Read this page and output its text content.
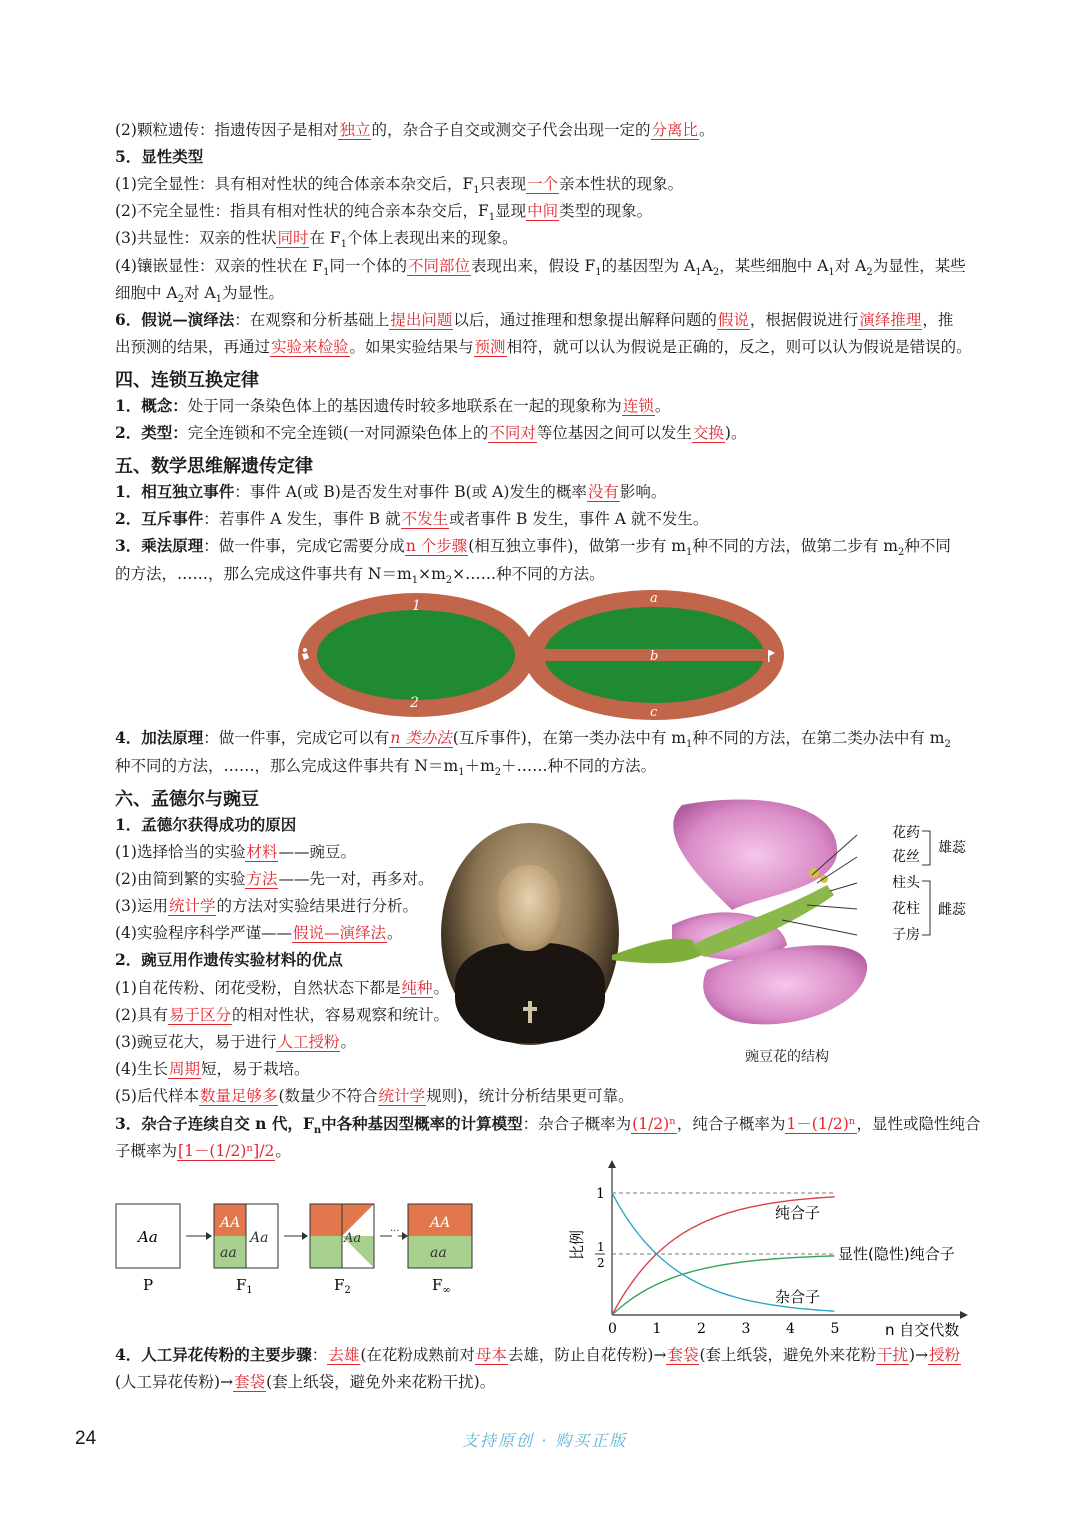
(2)颗粒遗传：指遗传因子是相对独立的，杂合子自交或测交子代会出现一定的分离比。
5．显性类型
(1)完全显性：具有相对性状的纯合体亲本杂交后，$F_1$只表现一个亲本性状的现象。
(2)不完全显性：指具有相对性状的纯合亲本杂交后，$F_1$显现中间类型的现象。
(3)共显性：双亲的性状同时在 $F_1$个体上表现出来的现象。
(4)镶嵌显性：双亲的性状在 $F_1$同一个体的不同部位表现出来，假设 $F_1$的基因型为 $A_1A_2$，某些细胞中 $A_1$对 $A_2$为显性，某些
细胞中 $A_2$对 $A_1$为显性。
6．假说—演绎法：在观察和分析基础上提出问题以后，通过推理和想象提出解释问题的假说，根据假说进行演绎推理，推
出预测的结果，再通过实验来检验。如果实验结果与预测相符，就可以认为假说是正确的，反之，则可以认为假说是错误的。
四、连锁互换定律
1．概念：处于同一条染色体上的基因遗传时较多地联系在一起的现象称为连锁。
2．类型：完全连锁和不完全连锁(一对同源染色体上的不同对等位基因之间可以发生交换)。
五、数学思维解遗传定律
1．相互独立事件：事件 A(或 B)是否发生对事件 B(或 A)发生的概率没有影响。
2．互斥事件：若事件 A 发生，事件 B 就不发生或者事件 B 发生，事件 A 就不发生。
3．乘法原理：做一件事，完成它需要分成n 个步骤(相互独立事件)，做第一步有 $m_1$种不同的方法，做第二步有 $m_2$种不同
的方法，……，那么完成这件事共有 $N=m_1\times m_2\times\dots\dots$种不同的方法。
1
2
a
b
c
4．加法原理：做一件事，完成它可以有n 类办法(互斥事件)，在第一类办法中有 $m_1$种不同的方法，在第二类办法中有 $m_2$
种不同的方法，……，那么完成这件事共有 $N=m_1+m_2+\dots\dots$种不同的方法。
六、孟德尔与豌豆
1．孟德尔获得成功的原因
(1)选择恰当的实验材料——豌豆。
(2)由简到繁的实验方法——先一对，再多对。
(3)运用统计学的方法对实验结果进行分析。
(4)实验程序科学严谨——假说—演绎法。
2．豌豆用作遗传实验材料的优点
(1)自花传粉、闭花受粉，自然状态下都是纯种。
(2)具有易于区分的相对性状，容易观察和统计。
(3)豌豆花大，易于进行人工授粉。
(4)生长周期短，易于栽培。
(5)后代样本数量足够多(数量少不符合统计学规则)，统计分析结果更可靠。
花药
花丝
柱头
花柱
子房
雄蕊
雌蕊
豌豆花的结构
3．杂合子连续自交 n 代，$F_n$中各种基因型概率的计算模型：杂合子概率为(1/2)ⁿ，纯合子概率为1－(1/2)ⁿ，显性或隐性纯合
子概率为[1－(1/2)ⁿ]/2。
Aa
AA
aa
Aa	Aa	···
AA
aa
P	$F_1$	$F_2$	$F_\infty$
1
1
2
比例
n 自交代数
0	1	2	3	4	5
纯合子
显性(隐性)纯合子
杂合子
4．人工异花传粉的主要步骤：去雄(在花粉成熟前对母本去雄，防止自花传粉)→套袋(套上纸袋，避免外来花粉干扰)→授粉
(人工异花传粉)→套袋(套上纸袋，避免外来花粉干扰)。
24	支持原创 · 购买正版
